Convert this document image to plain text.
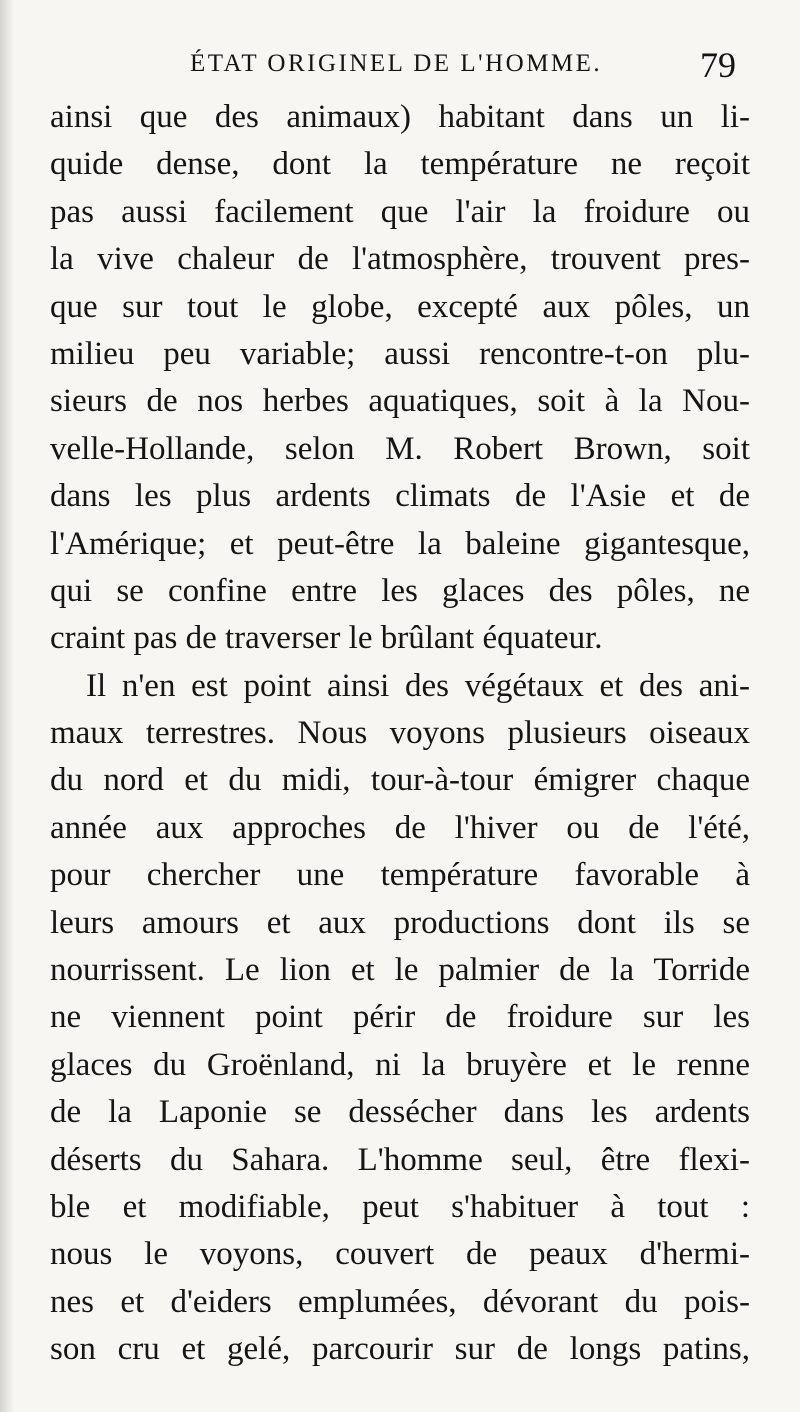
ÉTAT ORIGINEL DE L'HOMME.	79
ainsi que des animaux) habitant dans un li-
quide dense, dont la température ne reçoit
pas aussi facilement que l'air la froidure ou
la vive chaleur de l'atmosphère, trouvent pres-
que sur tout le globe, excepté aux pôles, un
milieu peu variable; aussi rencontre-t-on plu-
sieurs de nos herbes aquatiques, soit à la Nou-
velle-Hollande, selon M. Robert Brown, soit
dans les plus ardents climats de l'Asie et de
l'Amérique; et peut-être la baleine gigantesque,
qui se confine entre les glaces des pôles, ne
craint pas de traverser le brûlant équateur.
Il n'en est point ainsi des végétaux et des ani-
maux terrestres. Nous voyons plusieurs oiseaux
du nord et du midi, tour-à-tour émigrer chaque
année aux approches de l'hiver ou de l'été,
pour chercher une température favorable à
leurs amours et aux productions dont ils se
nourrissent. Le lion et le palmier de la Torride
ne viennent point périr de froidure sur les
glaces du Groënland, ni la bruyère et le renne
de la Laponie se dessécher dans les ardents
déserts du Sahara. L'homme seul, être flexi-
ble et modifiable, peut s'habituer à tout :
nous le voyons, couvert de peaux d'hermi-
nes et d'eiders emplumées, dévorant du pois-
son cru et gelé, parcourir sur de longs patins,
